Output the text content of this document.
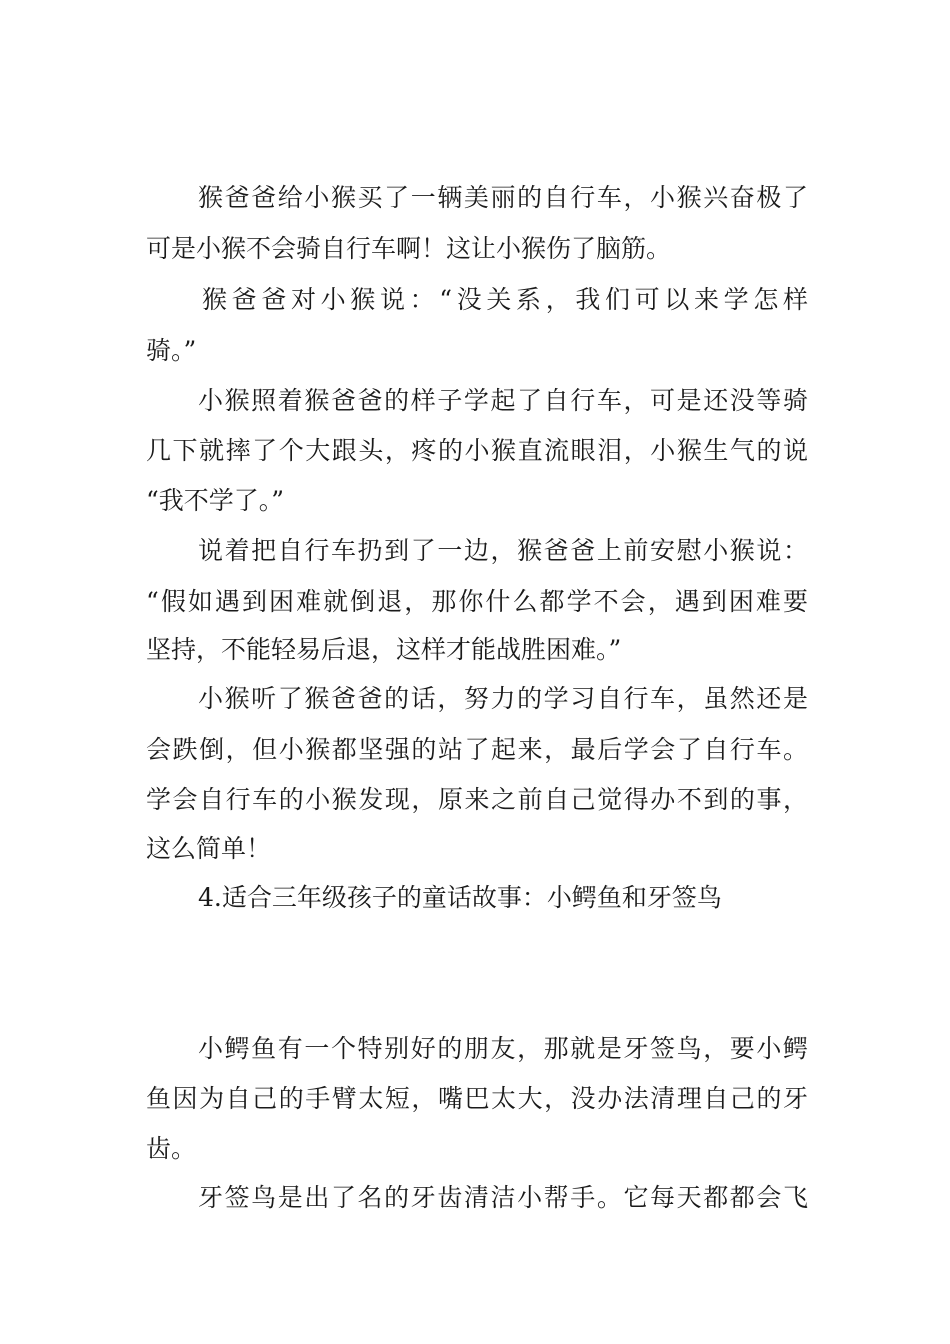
猴爸爸给小猴买了一辆美丽的自行车，小猴兴奋极了
可是小猴不会骑自行车啊！这让小猴伤了脑筋。
猴爸爸对小猴说：“没关系，我们可以来学怎样
骑。”
小猴照着猴爸爸的样子学起了自行车，可是还没等骑
几下就摔了个大跟头，疼的小猴直流眼泪，小猴生气的说
“我不学了。”
说着把自行车扔到了一边，猴爸爸上前安慰小猴说：
“假如遇到困难就倒退，那你什么都学不会，遇到困难要
坚持，不能轻易后退，这样才能战胜困难。”
小猴听了猴爸爸的话，努力的学习自行车，虽然还是
会跌倒，但小猴都坚强的站了起来，最后学会了自行车。
学会自行车的小猴发现，原来之前自己觉得办不到的事，
这么简单！
4.适合三年级孩子的童话故事：小鳄鱼和牙签鸟
小鳄鱼有一个特别好的朋友，那就是牙签鸟，要小鳄
鱼因为自己的手臂太短，嘴巴太大，没办法清理自己的牙
齿。
牙签鸟是出了名的牙齿清洁小帮手。它每天都都会飞
